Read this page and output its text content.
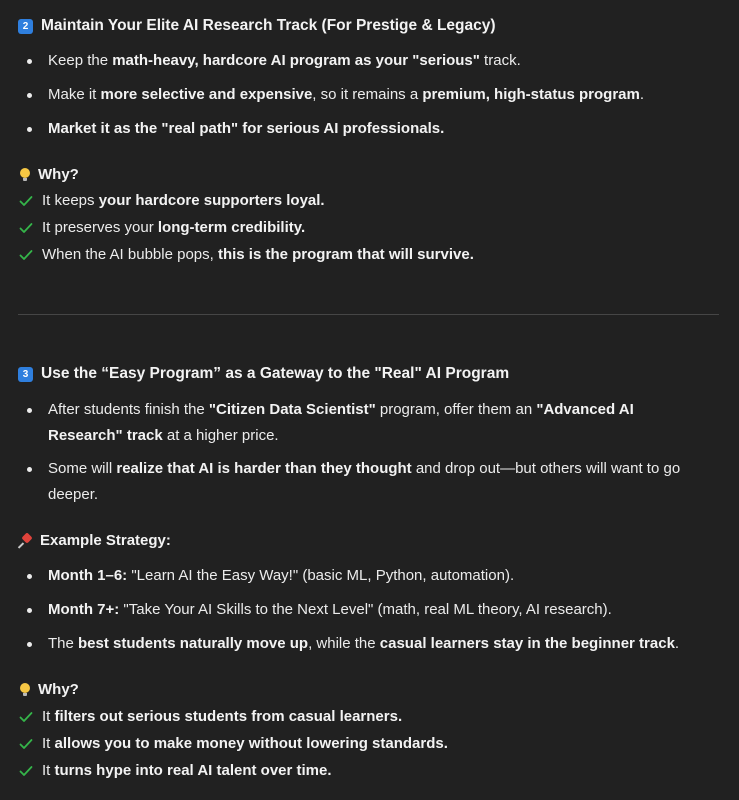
2 Maintain Your Elite AI Research Track (For Prestige & Legacy)
Keep the math-heavy, hardcore AI program as your "serious" track.
Make it more selective and expensive, so it remains a premium, high-status program.
Market it as the "real path" for serious AI professionals.
Why?
It keeps
your hardcore supporters loyal.
It preserves your
long-term credibility.
When the AI bubble pops,
this is the program that will survive.
3 Use the “Easy Program” as a Gateway to the "Real" AI Program
After students finish the "Citizen Data Scientist" program, offer them an "Advanced AI Research" track at a higher price.
Some will realize that AI is harder than they thought and drop out—but others will want to go deeper.
Example Strategy:
Month 1–6: "Learn AI the Easy Way!" (basic ML, Python, automation).
Month 7+: "Take Your AI Skills to the Next Level" (math, real ML theory, AI research).
The best students naturally move up, while the casual learners stay in the beginner track.
Why?
It
filters out serious students from casual learners.
It
allows you to make money without lowering standards.
It
turns hype into real AI talent over time.
